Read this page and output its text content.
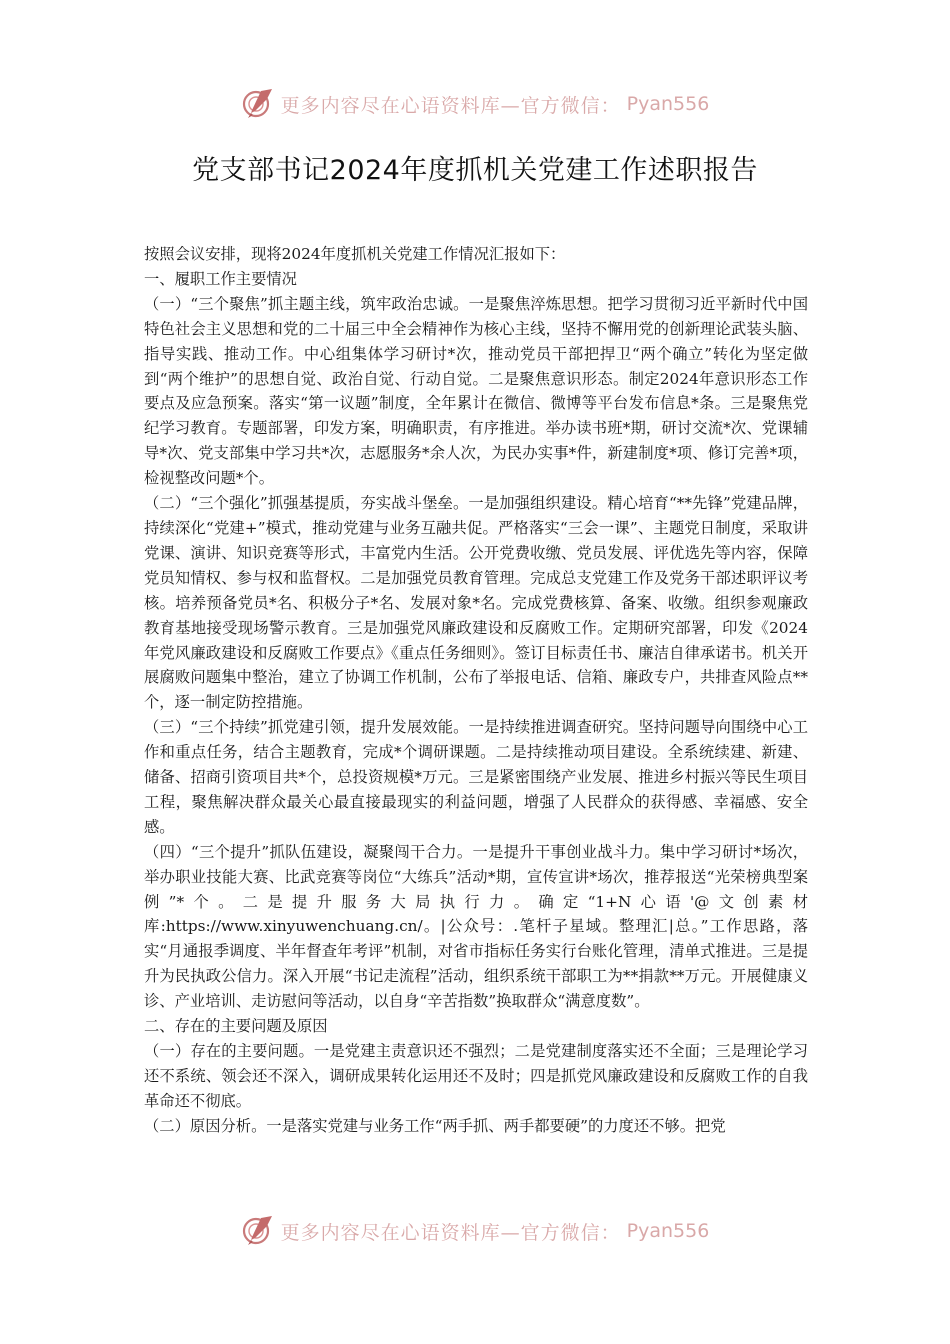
更多内容尽在心语资料库—官方微信： Pyan556
党支部书记2024年度抓机关党建工作述职报告

按照会议安排，现将2024年度抓机关党建工作情况汇报如下：

一、履职工作主要情况

（一）“三个聚焦”抓主题主线，筑牢政治忠诚。一是聚焦淬炼思想。把学习贯彻习近平新时代中国特色社会主义思想和党的二十届三中全会精神作为核心主线，坚持不懈用党的创新理论武装头脑、指导实践、推动工作。中心组集体学习研讨*次，推动党员干部把捍卫“两个确立”转化为坚定做到“两个维护”的思想自觉、政治自觉、行动自觉。二是聚焦意识形态。制定2024年意识形态工作要点及应急预案。落实“第一议题”制度，全年累计在微信、微博等平台发布信息*条。三是聚焦党纪学习教育。专题部署，印发方案，明确职责，有序推进。举办读书班*期，研讨交流*次、党课辅导*次、党支部集中学习共*次，志愿服务*余人次，为民办实事*件，新建制度*项、修订完善*项，检视整改问题*个。

（二）“三个强化”抓强基提质，夯实战斗堡垒。一是加强组织建设。精心培育“**先锋”党建品牌，持续深化“党建+”模式，推动党建与业务互融共促。严格落实“三会一课”、主题党日制度，采取讲党课、演讲、知识竞赛等形式，丰富党内生活。公开党费收缴、党员发展、评优选先等内容，保障党员知情权、参与权和监督权。二是加强党员教育管理。完成总支党建工作及党务干部述职评议考核。培养预备党员*名、积极分子*名、发展对象*名。完成党费核算、备案、收缴。组织参观廉政教育基地接受现场警示教育。三是加强党风廉政建设和反腐败工作。定期研究部署，印发《2024年党风廉政建设和反腐败工作要点》《重点任务细则》。签订目标责任书、廉洁自律承诺书。机关开展腐败问题集中整治，建立了协调工作机制，公布了举报电话、信箱、廉政专户，共排查风险点**个，逐一制定防控措施。

（三）“三个持续”抓党建引领，提升发展效能。一是持续推进调查研究。坚持问题导向围绕中心工作和重点任务，结合主题教育，完成*个调研课题。二是持续推动项目建设。全系统续建、新建、储备、招商引资项目共*个，总投资规模*万元。三是紧密围绕产业发展、推进乡村振兴等民生项目工程，聚焦解决群众最关心最直接最现实的利益问题，增强了人民群众的获得感、幸福感、安全感。

（四）“三个提升”抓队伍建设，凝聚闯干合力。一是提升干事创业战斗力。集中学习研讨*场次，举办职业技能大赛、比武竞赛等岗位“大练兵”活动*期，宣传宣讲*场次，推荐报送“光荣榜典型案例”*个。二是提升服务大局执行力。确定“1+N心语'@文创素材库:https://www.xinyuwenchuang.cn/。|公众号：.笔杆子星域。整理汇|总。”工作思路，落实“月通报季调度、半年督查年考评”机制，对省市指标任务实行台账化管理，清单式推进。三是提升为民执政公信力。深入开展“书记走流程”活动，组织系统干部职工为**捐款**万元。开展健康义诊、产业培训、走访慰问等活动，以自身“辛苦指数”换取群众“满意度数”。

二、存在的主要问题及原因

（一）存在的主要问题。一是党建主责意识还不强烈；二是党建制度落实还不全面；三是理论学习还不系统、领会还不深入，调研成果转化运用还不及时；四是抓党风廉政建设和反腐败工作的自我革命还不彻底。

（二）原因分析。一是落实党建与业务工作“两手抓、两手都要硬”的力度还不够。把党

更多内容尽在心语资料库—官方微信： Pyan556
